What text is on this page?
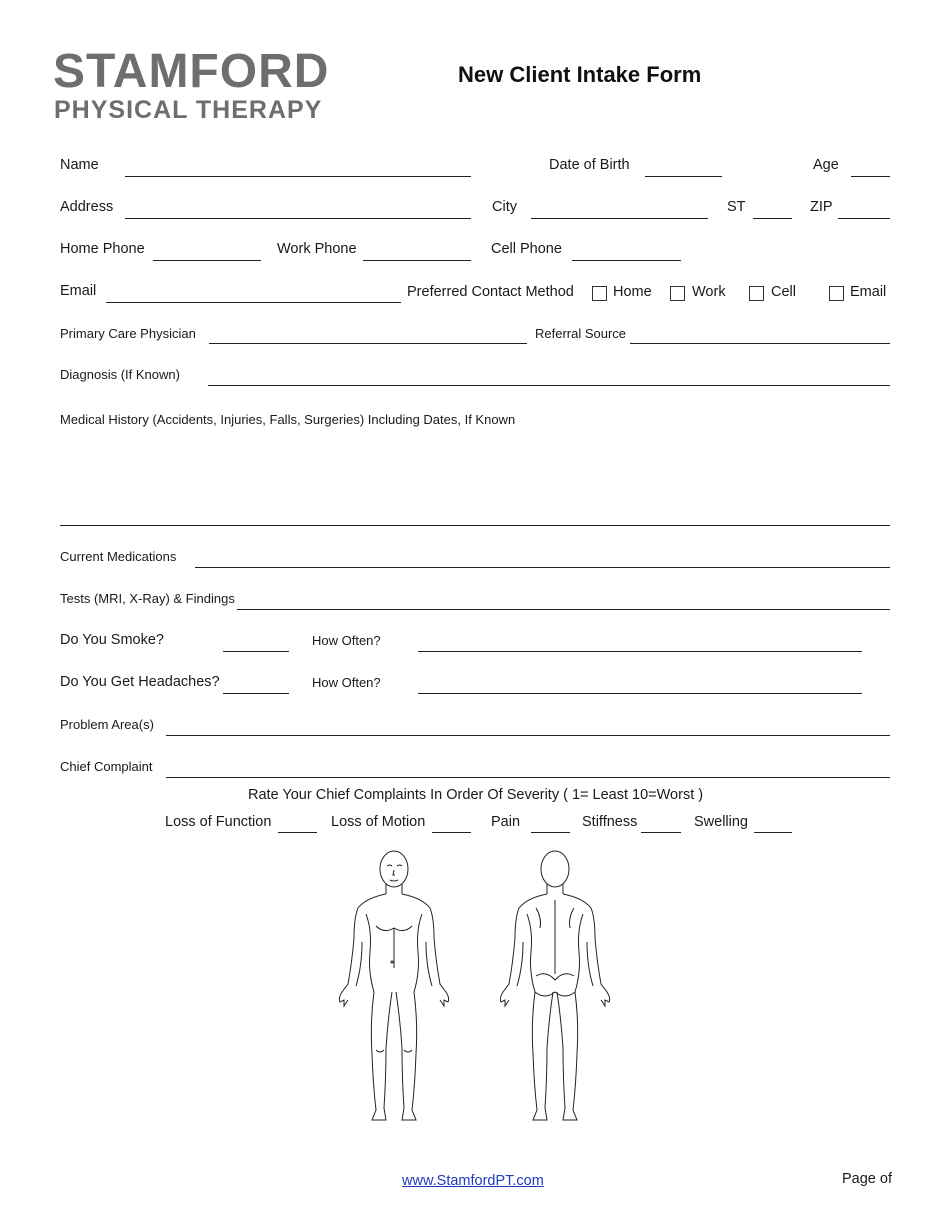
STAMFORD
PHYSICAL THERAPY
New Client Intake Form
Name	Date of Birth	Age
Address	City	ST	ZIP
Home Phone	Work Phone	Cell Phone
Email	Preferred Contact Method	Home	Work	Cell	Email
Primary Care Physician	Referral Source
Diagnosis (If Known)
Medical History (Accidents, Injuries, Falls, Surgeries) Including Dates, If Known
Current Medications
Tests (MRI, X-Ray) & Findings
Do You Smoke?	How Often?
Do You Get Headaches?	How Often?
Problem Area(s)
Chief Complaint
Rate Your Chief Complaints In Order Of Severity ( 1= Least 10=Worst )
Loss of Function	Loss of Motion	Pain	Stiffness	Swelling
www.StamfordPT.com	Page of
